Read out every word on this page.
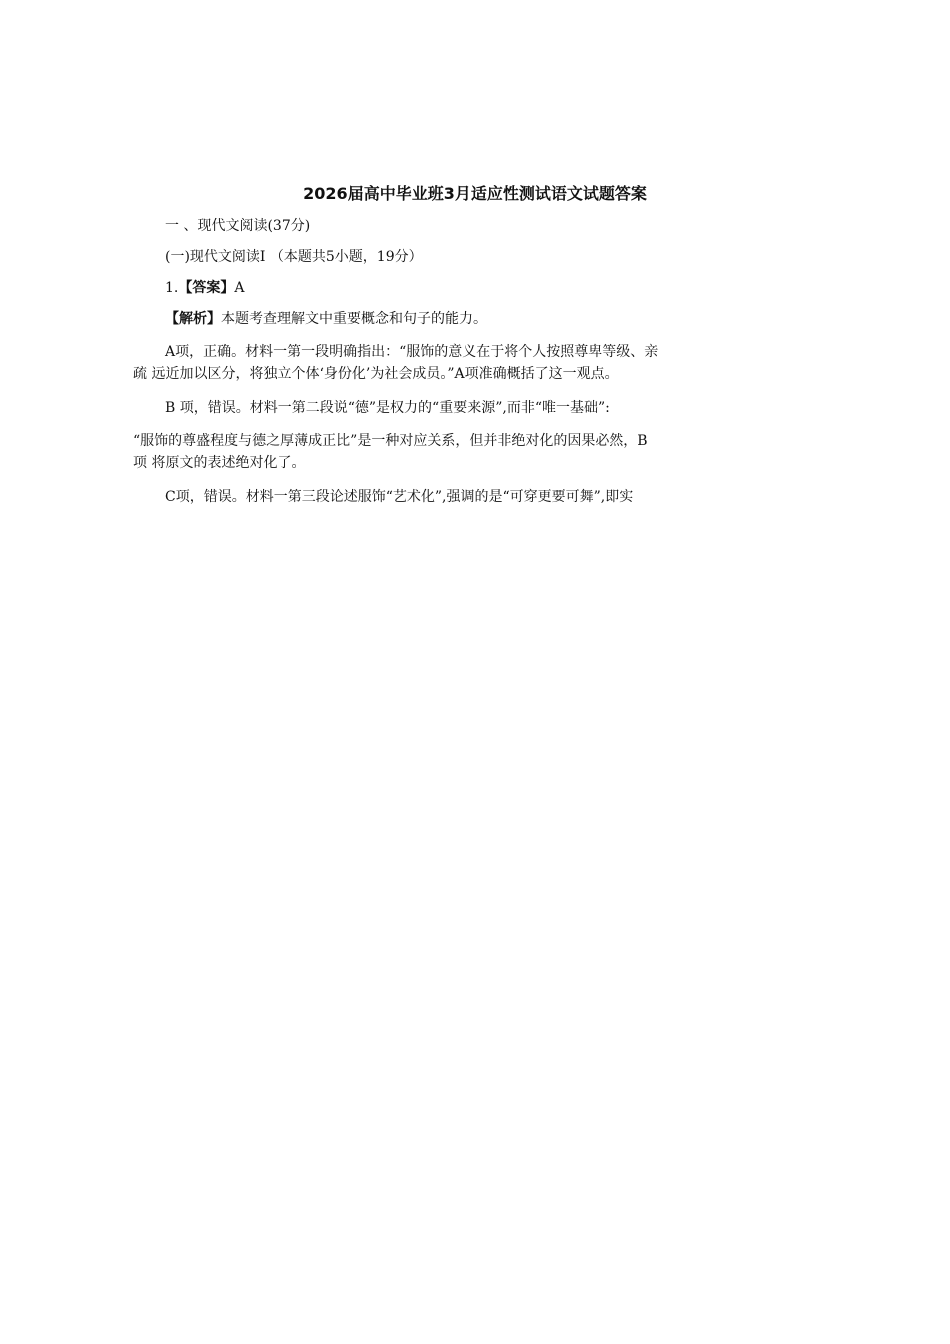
2026届高中毕业班3月适应性测试语文试题答案
一 、现代文阅读(37分)
(一)现代文阅读Ⅰ （本题共5小题，19分）
1.【答案】A
【解析】本题考查理解文中重要概念和句子的能力。
A项，正确。材料一第一段明确指出：“服饰的意义在于将个人按照尊卑等级、亲
疏 远近加以区分，将独立个体‘身份化’为社会成员。”A项准确概括了这一观点。
B 项，错误。材料一第二段说“德”是权力的“重要来源”,而非“唯一基础”:
“服饰的尊盛程度与德之厚薄成正比”是一种对应关系，但并非绝对化的因果必然，B
项 将原文的表述绝对化了。
C项，错误。材料一第三段论述服饰“艺术化”,强调的是“可穿更要可舞”,即实
